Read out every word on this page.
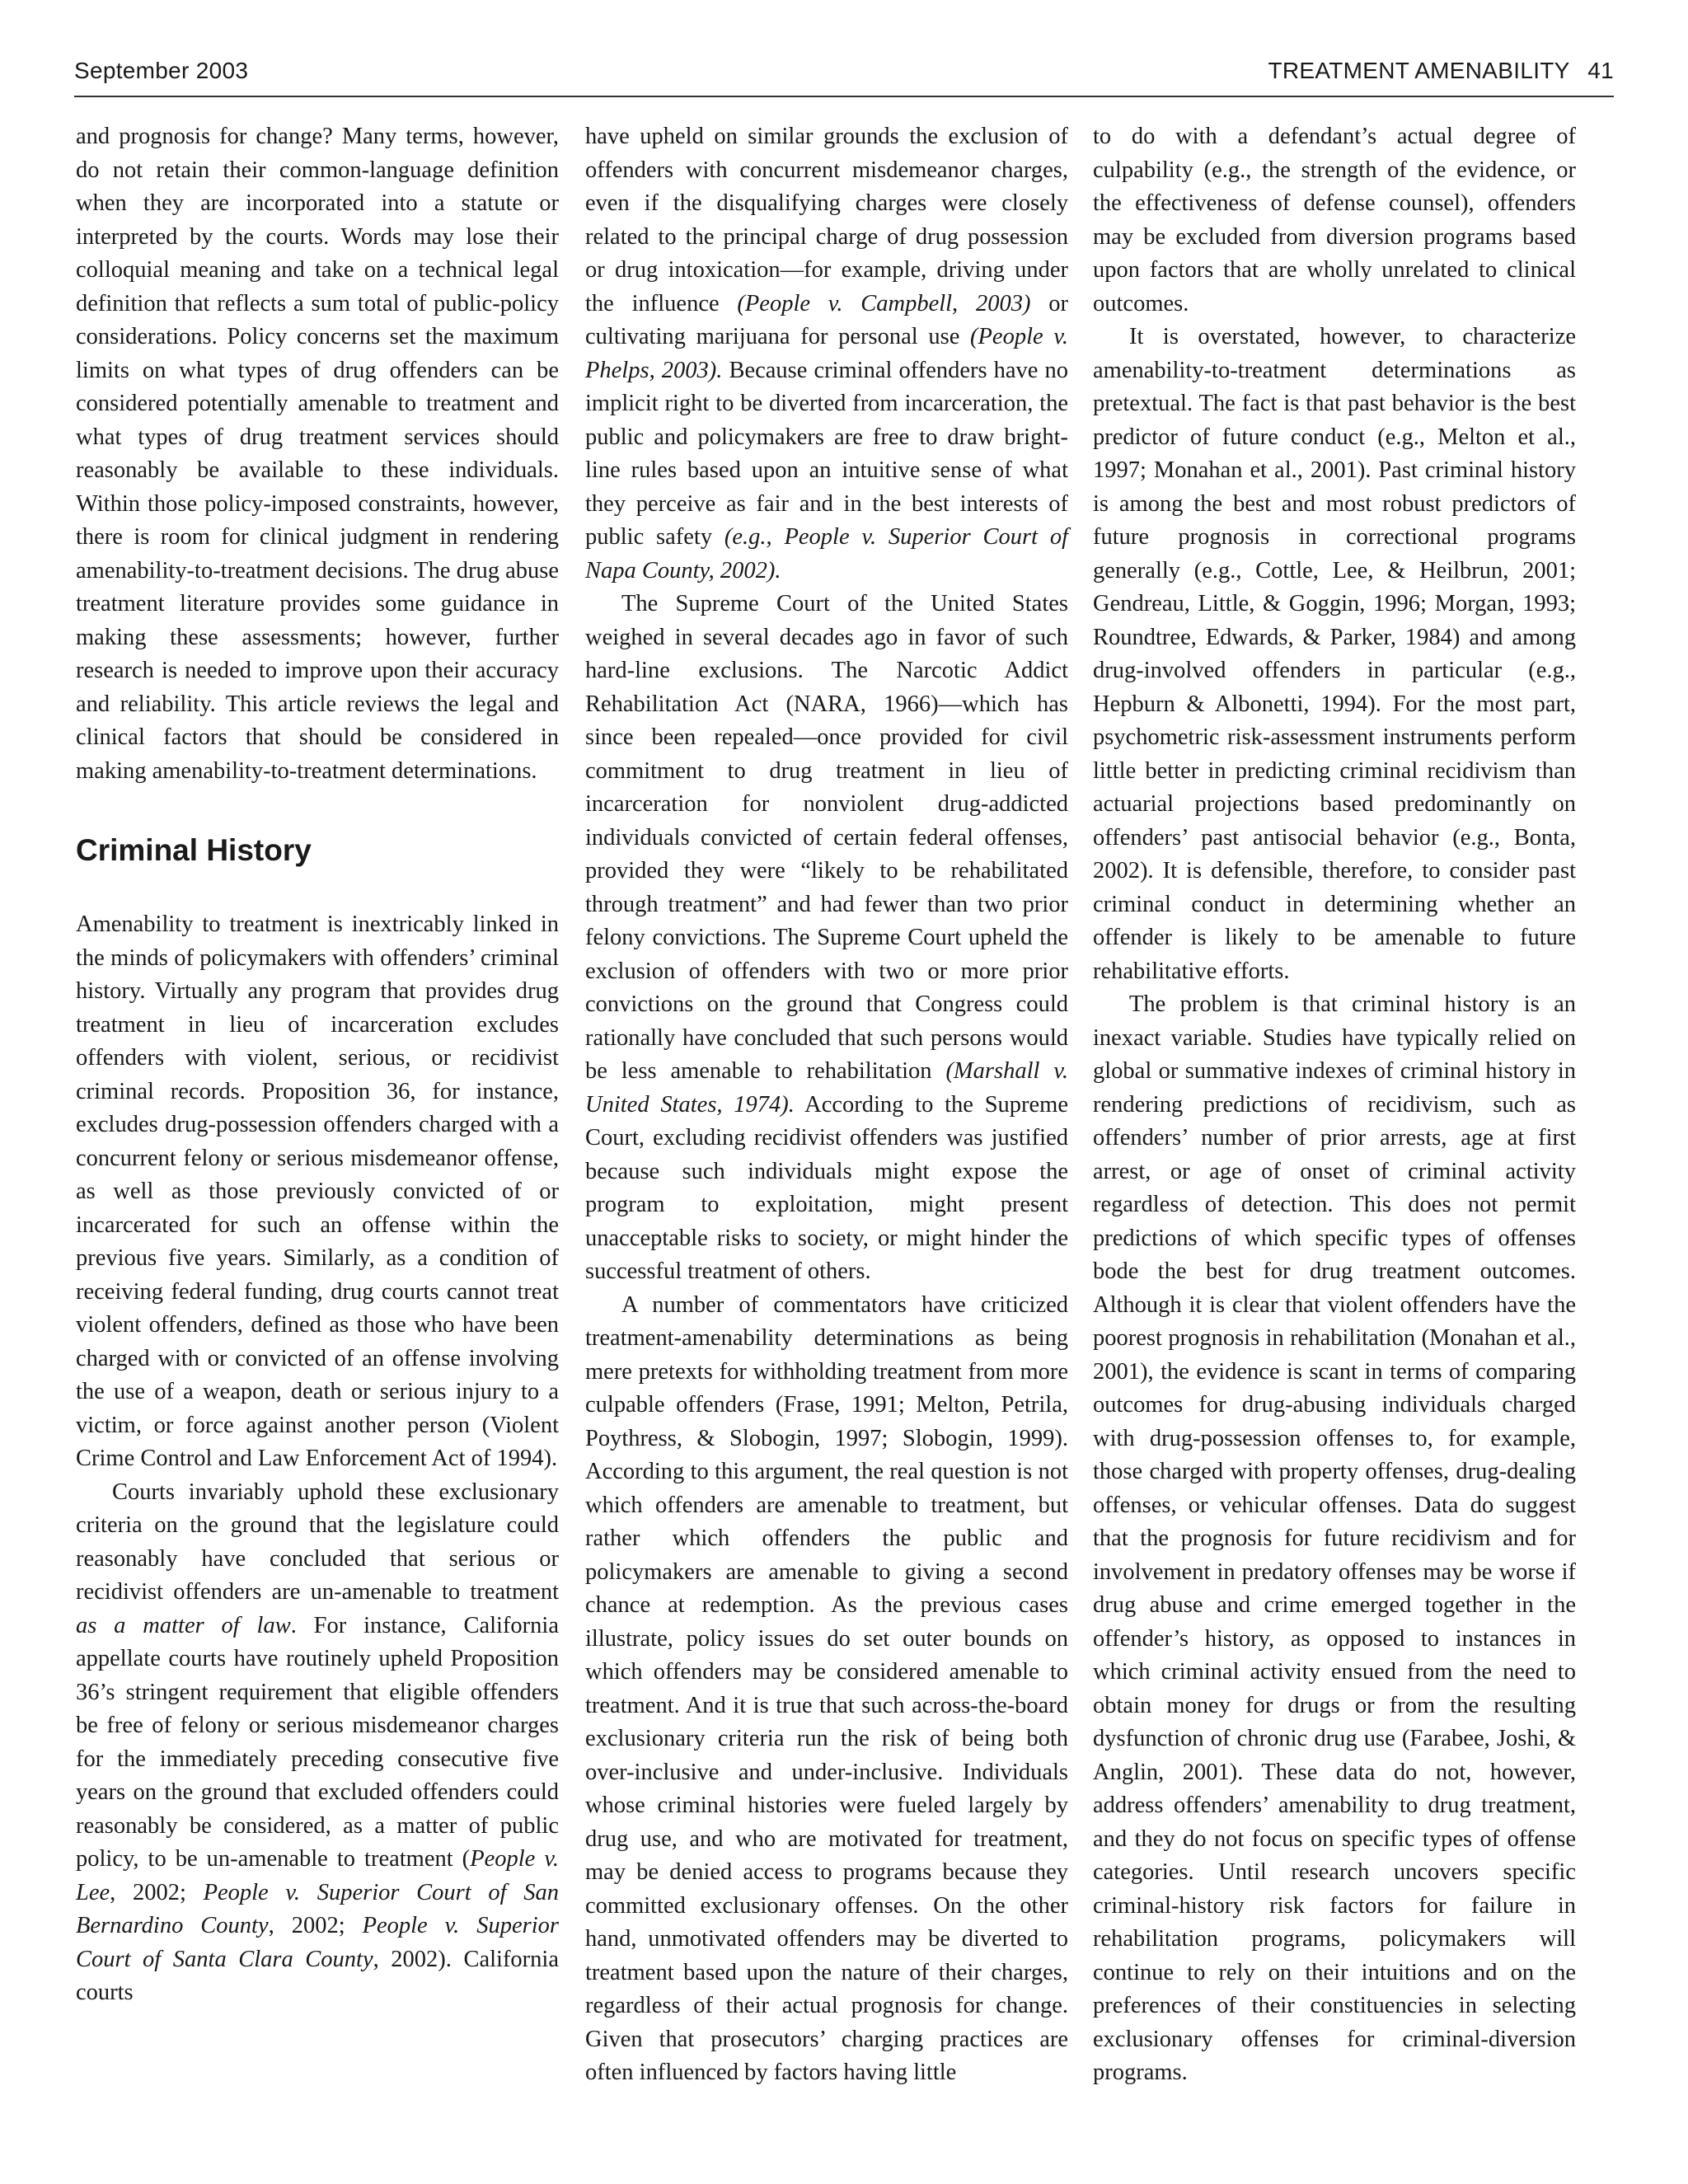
September 2003	TREATMENT AMENABILITY 41

and prognosis for change? Many terms, however, do not retain their common-language definition when they are incorporated into a statute or interpreted by the courts. Words may lose their colloquial meaning and take on a technical legal definition that reflects a sum total of public-policy considerations. Policy concerns set the maximum limits on what types of drug offenders can be considered potentially amenable to treatment and what types of drug treatment services should reasonably be available to these individuals. Within those policy-imposed constraints, however, there is room for clinical judgment in rendering amenability-to-treatment decisions. The drug abuse treatment literature provides some guidance in making these assessments; however, further research is needed to improve upon their accuracy and reliability. This article reviews the legal and clinical factors that should be considered in making amenability-to-treatment determinations.

Criminal History

Amenability to treatment is inextricably linked in the minds of policymakers with offenders’ criminal history. Virtually any program that provides drug treatment in lieu of incarceration excludes offenders with violent, serious, or recidivist criminal records. Proposition 36, for instance, excludes drug-possession offenders charged with a concurrent felony or serious misdemeanor offense, as well as those previously convicted of or incarcerated for such an offense within the previous five years. Similarly, as a condition of receiving federal funding, drug courts cannot treat violent offenders, defined as those who have been charged with or convicted of an offense involving the use of a weapon, death or serious injury to a victim, or force against another person (Violent Crime Control and Law Enforcement Act of 1994).

Courts invariably uphold these exclusionary criteria on the ground that the legislature could reasonably have concluded that serious or recidivist offenders are un-amenable to treatment as a matter of law. For instance, California appellate courts have routinely upheld Proposition 36’s stringent requirement that eligible offenders be free of felony or serious misdemeanor charges for the immediately preceding consecutive five years on the ground that excluded offenders could reasonably be considered, as a matter of public policy, to be un-amenable to treatment (People v. Lee, 2002; People v. Superior Court of San Bernardino County, 2002; People v. Superior Court of Santa Clara County, 2002). California courts

have upheld on similar grounds the exclusion of offenders with concurrent misdemeanor charges, even if the disqualifying charges were closely related to the principal charge of drug possession or drug intoxication—for example, driving under the influence (People v. Campbell, 2003) or cultivating marijuana for personal use (People v. Phelps, 2003). Because criminal offenders have no implicit right to be diverted from incarceration, the public and policymakers are free to draw bright-line rules based upon an intuitive sense of what they perceive as fair and in the best interests of public safety (e.g., People v. Superior Court of Napa County, 2002).

The Supreme Court of the United States weighed in several decades ago in favor of such hard-line exclusions. The Narcotic Addict Rehabilitation Act (NARA, 1966)—which has since been repealed—once provided for civil commitment to drug treatment in lieu of incarceration for nonviolent drug-addicted individuals convicted of certain federal offenses, provided they were “likely to be rehabilitated through treatment” and had fewer than two prior felony convictions. The Supreme Court upheld the exclusion of offenders with two or more prior convictions on the ground that Congress could rationally have concluded that such persons would be less amenable to rehabilitation (Marshall v. United States, 1974). According to the Supreme Court, excluding recidivist offenders was justified because such individuals might expose the program to exploitation, might present unacceptable risks to society, or might hinder the successful treatment of others.

A number of commentators have criticized treatment-amenability determinations as being mere pretexts for withholding treatment from more culpable offenders (Frase, 1991; Melton, Petrila, Poythress, & Slobogin, 1997; Slobogin, 1999). According to this argument, the real question is not which offenders are amenable to treatment, but rather which offenders the public and policymakers are amenable to giving a second chance at redemption. As the previous cases illustrate, policy issues do set outer bounds on which offenders may be considered amenable to treatment. And it is true that such across-the-board exclusionary criteria run the risk of being both over-inclusive and under-inclusive. Individuals whose criminal histories were fueled largely by drug use, and who are motivated for treatment, may be denied access to programs because they committed exclusionary offenses. On the other hand, unmotivated offenders may be diverted to treatment based upon the nature of their charges, regardless of their actual prognosis for change. Given that prosecutors’ charging practices are often influenced by factors having little

to do with a defendant’s actual degree of culpability (e.g., the strength of the evidence, or the effectiveness of defense counsel), offenders may be excluded from diversion programs based upon factors that are wholly unrelated to clinical outcomes.

It is overstated, however, to characterize amenability-to-treatment determinations as pretextual. The fact is that past behavior is the best predictor of future conduct (e.g., Melton et al., 1997; Monahan et al., 2001). Past criminal history is among the best and most robust predictors of future prognosis in correctional programs generally (e.g., Cottle, Lee, & Heilbrun, 2001; Gendreau, Little, & Goggin, 1996; Morgan, 1993; Roundtree, Edwards, & Parker, 1984) and among drug-involved offenders in particular (e.g., Hepburn & Albonetti, 1994). For the most part, psychometric risk-assessment instruments perform little better in predicting criminal recidivism than actuarial projections based predominantly on offenders’ past antisocial behavior (e.g., Bonta, 2002). It is defensible, therefore, to consider past criminal conduct in determining whether an offender is likely to be amenable to future rehabilitative efforts.

The problem is that criminal history is an inexact variable. Studies have typically relied on global or summative indexes of criminal history in rendering predictions of recidivism, such as offenders’ number of prior arrests, age at first arrest, or age of onset of criminal activity regardless of detection. This does not permit predictions of which specific types of offenses bode the best for drug treatment outcomes. Although it is clear that violent offenders have the poorest prognosis in rehabilitation (Monahan et al., 2001), the evidence is scant in terms of comparing outcomes for drug-abusing individuals charged with drug-possession offenses to, for example, those charged with property offenses, drug-dealing offenses, or vehicular offenses. Data do suggest that the prognosis for future recidivism and for involvement in predatory offenses may be worse if drug abuse and crime emerged together in the offender’s history, as opposed to instances in which criminal activity ensued from the need to obtain money for drugs or from the resulting dysfunction of chronic drug use (Farabee, Joshi, & Anglin, 2001). These data do not, however, address offenders’ amenability to drug treatment, and they do not focus on specific types of offense categories. Until research uncovers specific criminal-history risk factors for failure in rehabilitation programs, policymakers will continue to rely on their intuitions and on the preferences of their constituencies in selecting exclusionary offenses for criminal-diversion programs.
